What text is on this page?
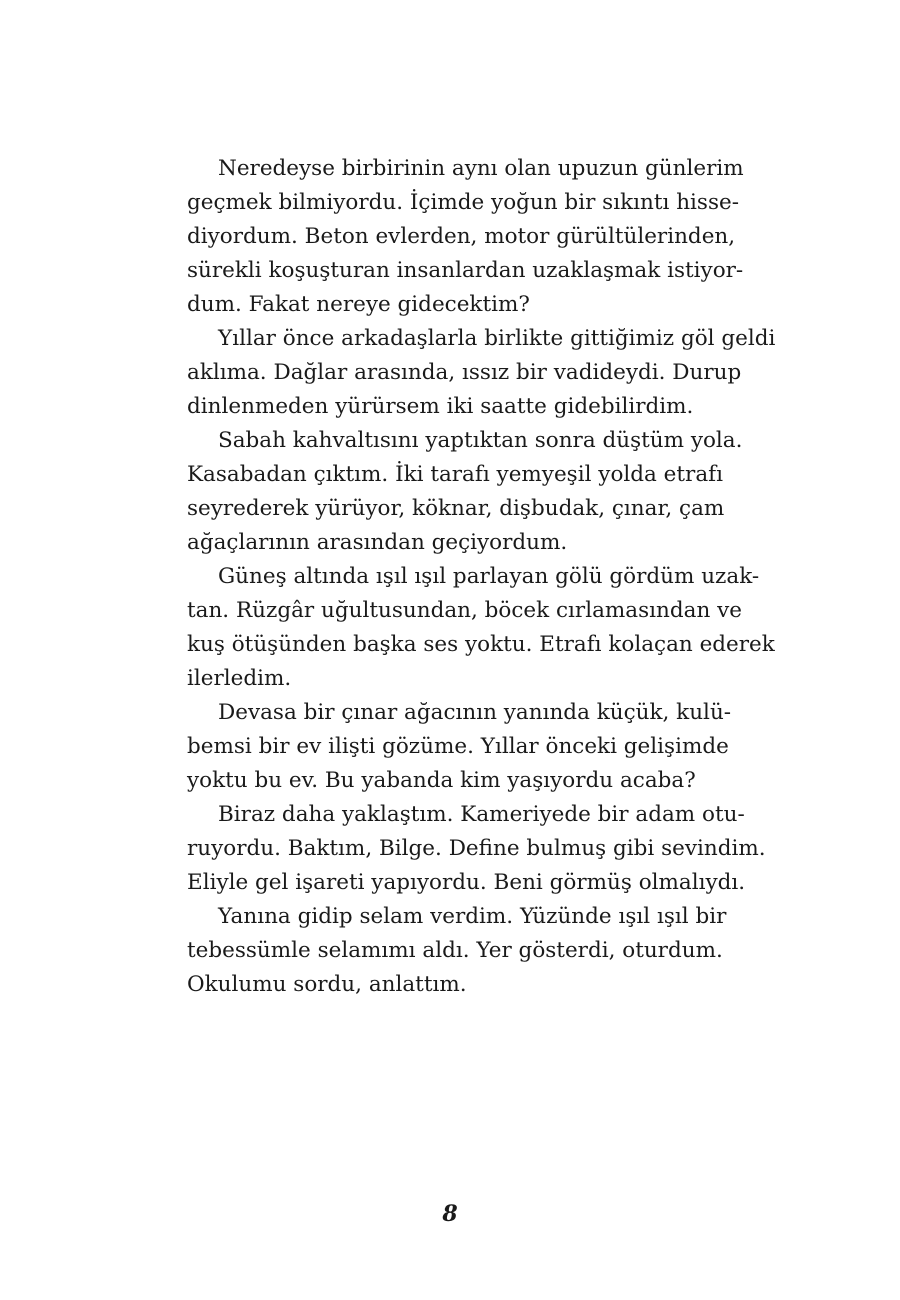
Neredeyse birbirinin aynı olan upuzun günlerim
geçmek bilmiyordu. İçimde yoğun bir sıkıntı hisse-
diyordum. Beton evlerden, motor gürültülerinden,
sürekli koşuşturan insanlardan uzaklaşmak istiyor-
dum. Fakat nereye gidecektim?

Yıllar önce arkadaşlarla birlikte gittiğimiz göl geldi
aklıma. Dağlar arasında, ıssız bir vadideydi. Durup
dinlenmeden yürürsem iki saatte gidebilirdim.

Sabah kahvaltısını yaptıktan sonra düştüm yola.
Kasabadan çıktım. İki tarafı yemyeşil yolda etrafı
seyrederek yürüyor, köknar, dişbudak, çınar, çam
ağaçlarının arasından geçiyordum.

Güneş altında ışıl ışıl parlayan gölü gördüm uzak-
tan. Rüzgâr uğultusundan, böcek cırlamasından ve
kuş ötüşünden başka ses yoktu. Etrafı kolaçan ederek
ilerledim.

Devasa bir çınar ağacının yanında küçük, kulü-
bemsi bir ev ilişti gözüme. Yıllar önceki gelişimde
yoktu bu ev. Bu yabanda kim yaşıyordu acaba?

Biraz daha yaklaştım. Kameriyede bir adam otu-
ruyordu. Baktım, Bilge. Define bulmuş gibi sevindim.
Eliyle gel işareti yapıyordu. Beni görmüş olmalıydı.

Yanına gidip selam verdim. Yüzünde ışıl ışıl bir
tebessümle selamımı aldı. Yer gösterdi, oturdum.
Okulumu sordu, anlattım.

8
